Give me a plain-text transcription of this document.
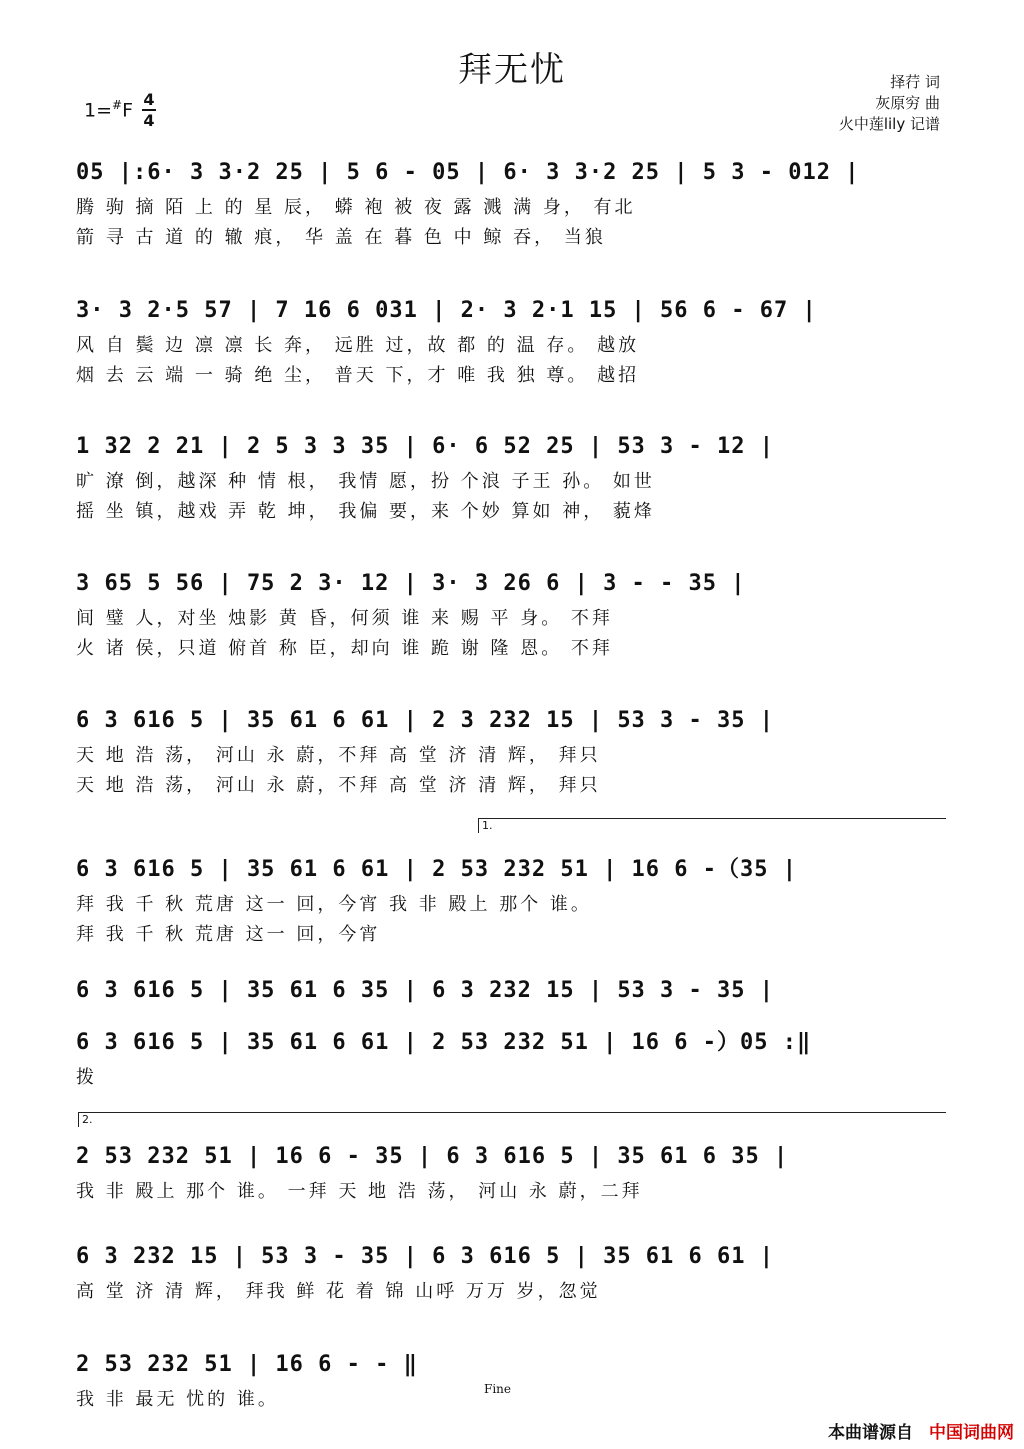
拜无忧	择荇 词
灰原穷 曲
火中莲lily 记谱
1=#F 4
4
05 |:6· 3 3·2 25 | 5 6 - 05 | 6· 3 3·2 25 | 5 3 - 012 |
腾 驹 摘 陌 上 的 星 辰， 蟒 袍 被 夜 露 溅 满 身， 有北
箭 寻 古 道 的 辙 痕， 华 盖 在 暮 色 中 鲸 吞， 当狼
3· 3 2·5 57 | 7 16 6 031 | 2· 3 2·1 15 | 56 6 - 67 |
风 自 鬓 边 凛 凛 长 奔， 远胜 过，故 都 的 温 存。 越放
烟 去 云 端 一 骑 绝 尘， 普天 下，才 唯 我 独 尊。 越招
1 32 2 21 | 2 5 3 3 35 | 6· 6 52 25 | 53 3 - 12 |
旷 潦 倒，越深 种 情 根， 我情 愿，扮 个浪 子王 孙。 如世
摇 坐 镇，越戏 弄 乾 坤， 我偏 要，来 个妙 算如 神， 藐烽
3 65 5 56 | 75 2 3· 12 | 3· 3 26 6 | 3 - - 35 |
间 璧 人，对坐 烛影 黄 昏，何须 谁 来 赐 平 身。 不拜
火 诸 侯，只道 俯首 称 臣，却向 谁 跪 谢 隆 恩。 不拜
6 3 616 5 | 35 61 6 61 | 2 3 232 15 | 53 3 - 35 |
天 地 浩 荡， 河山 永 蔚，不拜 高 堂 济 清 辉， 拜只
天 地 浩 荡， 河山 永 蔚，不拜 高 堂 济 清 辉， 拜只
1.
6 3 616 5 | 35 61 6 61 | 2 53 232 51 | 16 6 -（35 |
拜 我 千 秋 荒唐 这一 回，今宵 我 非 殿上 那个 谁。
拜 我 千 秋 荒唐 这一 回，今宵
6 3 616 5 | 35 61 6 35 | 6 3 232 15 | 53 3 - 35 |
6 3 616 5 | 35 61 6 61 | 2 53 232 51 | 16 6 -）05 :‖
拨
2.
2 53 232 51 | 16 6 - 35 | 6 3 616 5 | 35 61 6 35 |
我 非 殿上 那个 谁。 一拜 天 地 浩 荡， 河山 永 蔚，二拜
6 3 232 15 | 53 3 - 35 | 6 3 616 5 | 35 61 6 61 |
高 堂 济 清 辉， 拜我 鲜 花 着 锦 山呼 万万 岁，忽觉
2 53 232 51 | 16 6 - - ‖
我 非 最无 忧的 谁。	Fine
本曲谱源自 中国词曲网
